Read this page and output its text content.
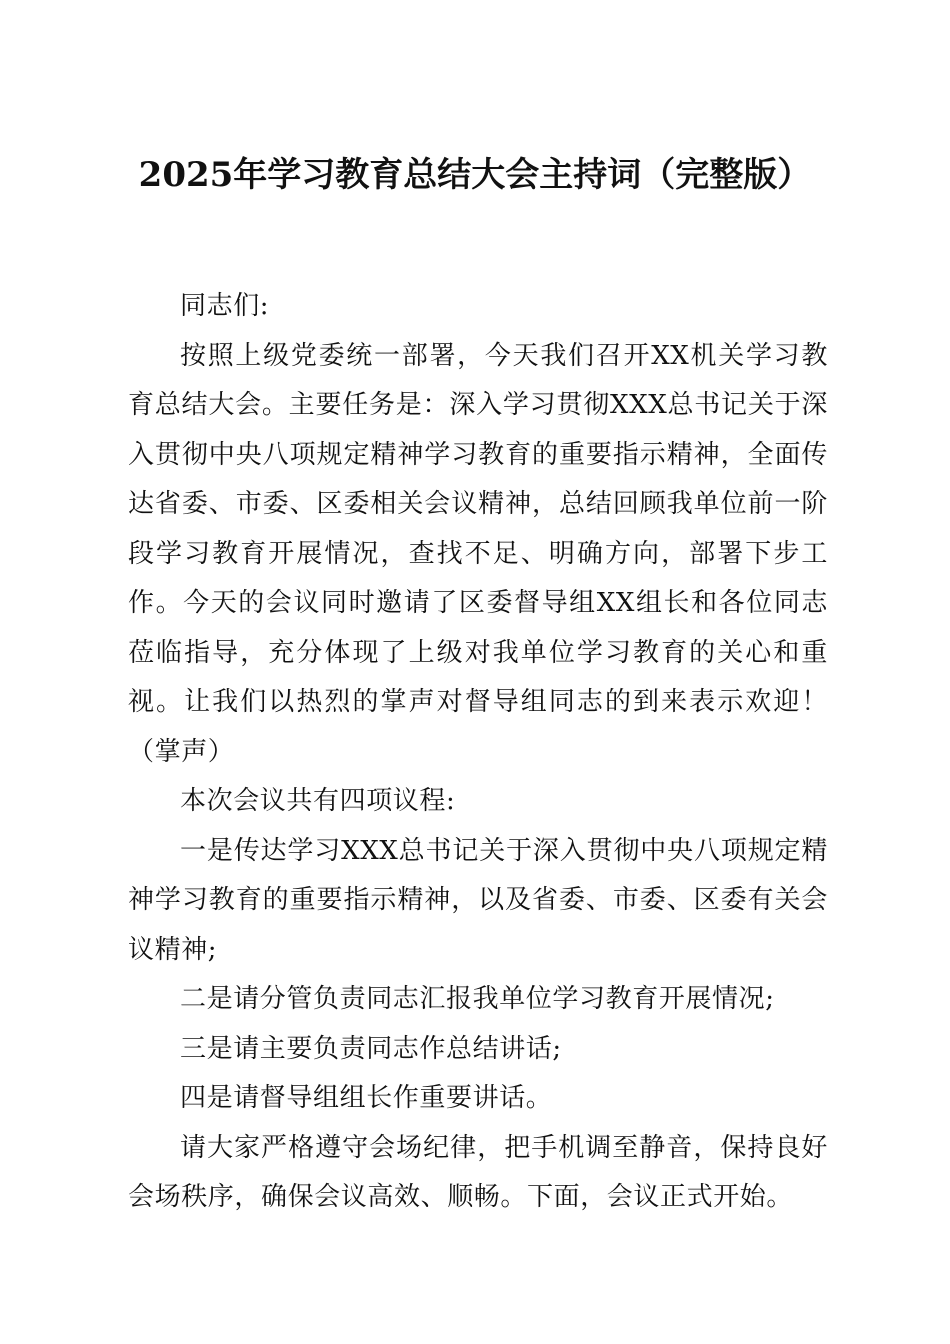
2025年学习教育总结大会主持词（完整版）

同志们:

按照上级党委统一部署，今天我们召开XX机关学习教育总结大会。主要任务是：深入学习贯彻XXX总书记关于深入贯彻中央八项规定精神学习教育的重要指示精神，全面传达省委、市委、区委相关会议精神，总结回顾我单位前一阶段学习教育开展情况，查找不足、明确方向，部署下步工作。今天的会议同时邀请了区委督导组XX组长和各位同志莅临指导，充分体现了上级对我单位学习教育的关心和重视。让我们以热烈的掌声对督导组同志的到来表示欢迎！（掌声）

本次会议共有四项议程:

一是传达学习XXX总书记关于深入贯彻中央八项规定精神学习教育的重要指示精神，以及省委、市委、区委有关会议精神;

二是请分管负责同志汇报我单位学习教育开展情况;

三是请主要负责同志作总结讲话;

四是请督导组组长作重要讲话。

请大家严格遵守会场纪律，把手机调至静音，保持良好会场秩序，确保会议高效、顺畅。下面，会议正式开始。
